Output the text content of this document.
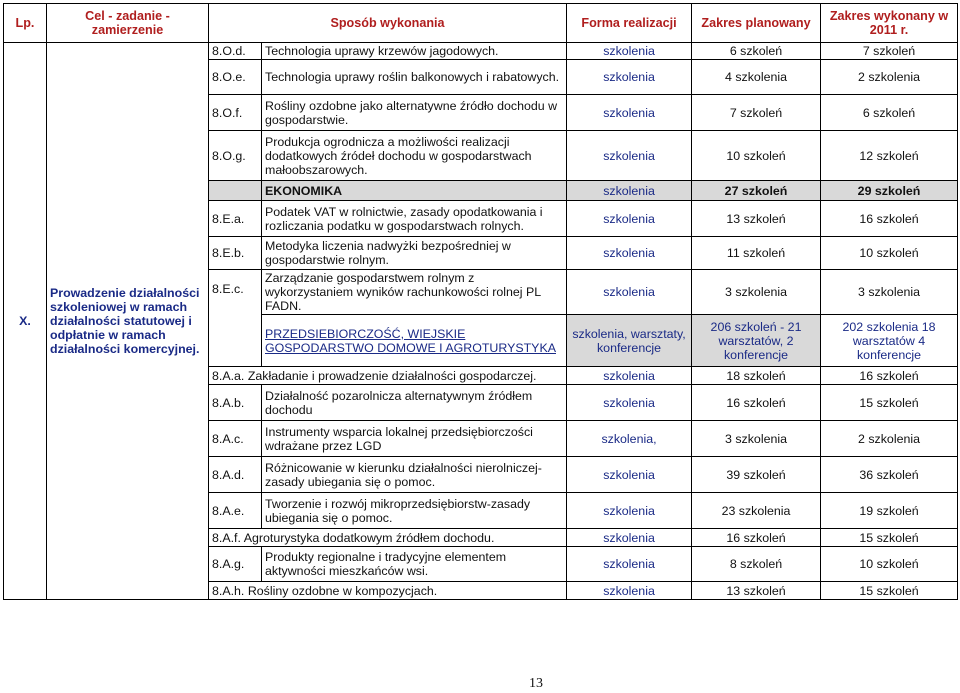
Lp.	Cel - zadanie - zamierzenie	Sposób wykonania		Forma realizacji	Zakres planowany	Zakres wykonany w 2011 r.
X.	Prowadzenie działalności szkoleniowej w ramach działalności statutowej i odpłatnie w ramach działalności komercyjnej.	8.O.d.	Technologia uprawy krzewów jagodowych.	szkolenia	6 szkoleń	7 szkoleń
		8.O.e.	Technologia uprawy roślin balkonowych i rabatowych.	szkolenia	4 szkolenia	2 szkolenia
		8.O.f.	Rośliny ozdobne jako alternatywne źródło dochodu w gospodarstwie.	szkolenia	7 szkoleń	6 szkoleń
		8.O.g.	Produkcja ogrodnicza a możliwości realizacji dodatkowych źródeł dochodu w gospodarstwach małoobszarowych.	szkolenia	10 szkoleń	12 szkoleń
			EKONOMIKA	szkolenia	27 szkoleń	29 szkoleń
		8.E.a.	Podatek VAT w rolnictwie, zasady opodatkowania i rozliczania podatku w gospodarstwach rolnych.	szkolenia	13 szkoleń	16 szkoleń
		8.E.b.	Metodyka liczenia nadwyżki bezpośredniej w gospodarstwie rolnym.	szkolenia	11 szkoleń	10 szkoleń
		8.E.c.	Zarządzanie gospodarstwem rolnym z wykorzystaniem wyników rachunkowości rolnej PL FADN.	szkolenia	3 szkolenia	3 szkolenia
			PRZEDSIEBIORCZOŚĆ, WIEJSKIE GOSPODARSTWO DOMOWE I AGROTURYSTYKA	szkolenia, warsztaty, konferencje	206 szkoleń - 21 warsztatów, 2 konferencje	202 szkolenia 18 warsztatów 4 konferencje
		8.A.a. Zakładanie i prowadzenie działalności gospodarczej.		szkolenia	18 szkoleń	16 szkoleń
		8.A.b.	Działalność pozarolnicza alternatywnym źródłem dochodu	szkolenia	16 szkoleń	15 szkoleń
		8.A.c.	Instrumenty wsparcia lokalnej przedsiębiorczości wdrażane przez LGD	szkolenia,	3 szkolenia	2 szkolenia
		8.A.d.	Różnicowanie w kierunku działalności nierolniczej-zasady ubiegania się o pomoc.	szkolenia	39 szkoleń	36 szkoleń
		8.A.e.	Tworzenie i rozwój mikroprzedsiębiorstw-zasady ubiegania się o pomoc.	szkolenia	23 szkolenia	19 szkoleń
		8.A.f. Agroturystyka dodatkowym źródłem dochodu.		szkolenia	16 szkoleń	15 szkoleń
		8.A.g.	Produkty regionalne i tradycyjne elementem aktywności mieszkańców wsi.	szkolenia	8 szkoleń	10 szkoleń
		8.A.h. Rośliny ozdobne w kompozycjach.		szkolenia	13 szkoleń	15 szkoleń
13
